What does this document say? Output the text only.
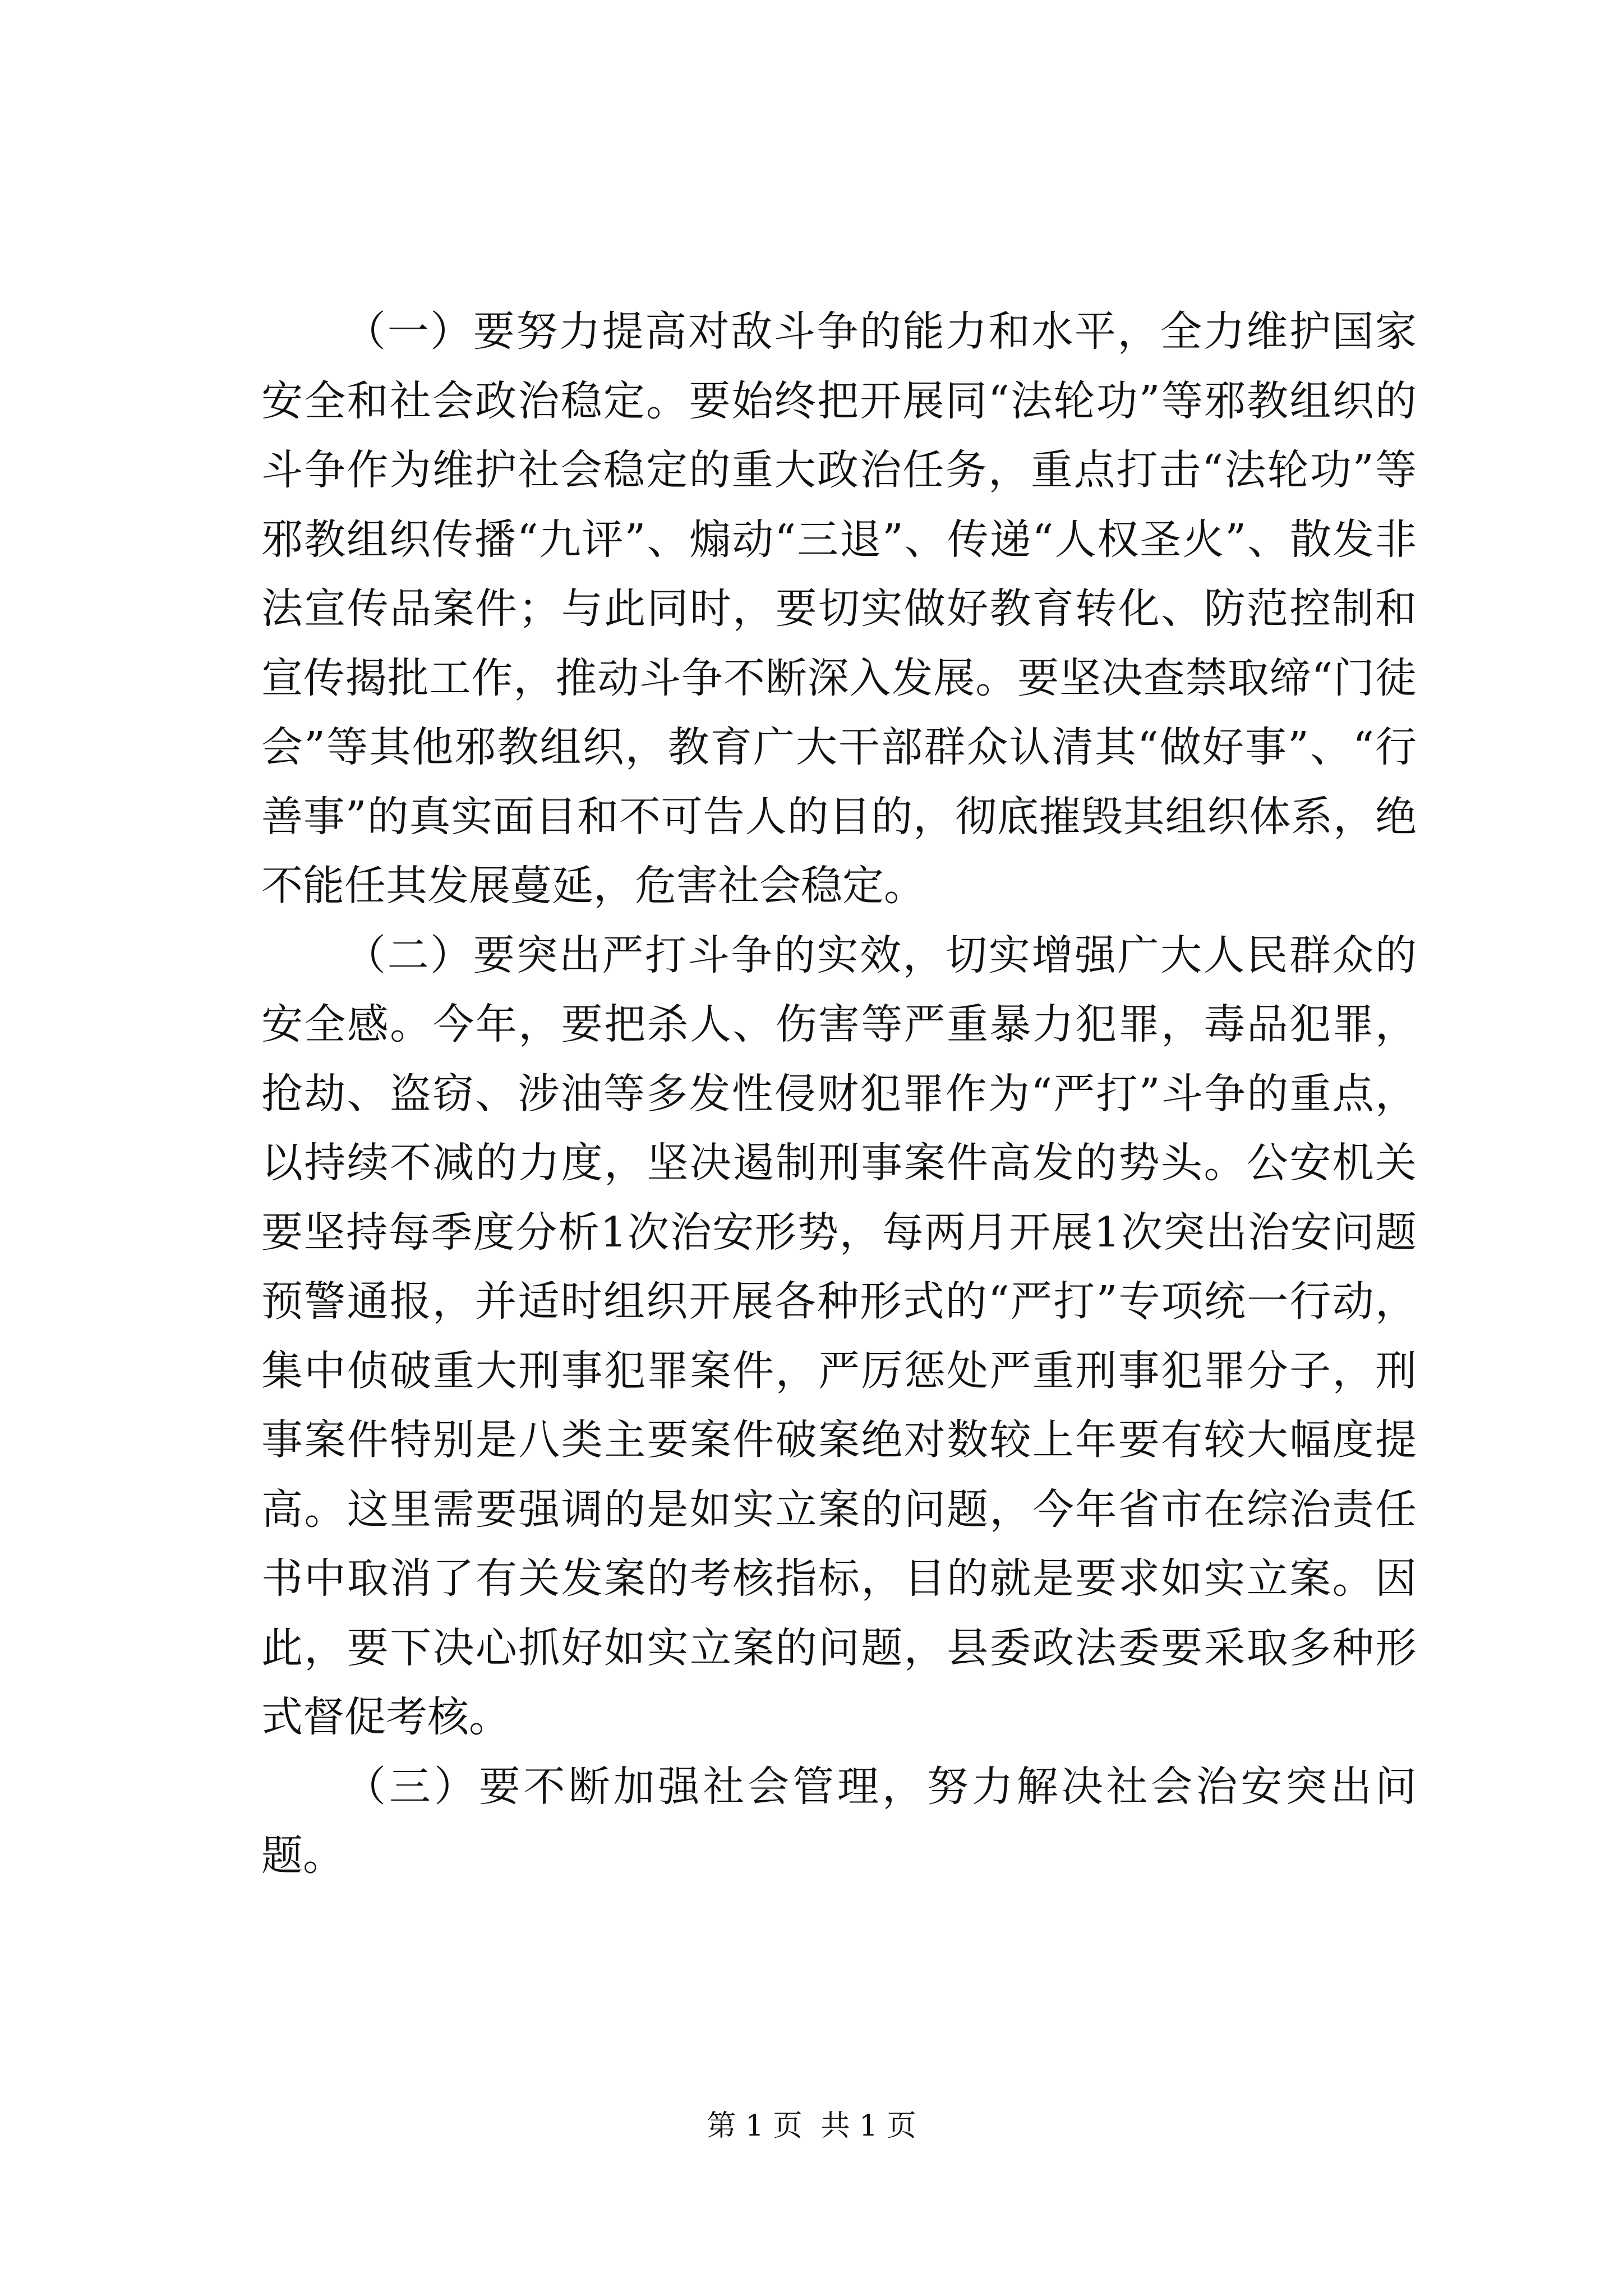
（一）要努力提高对敌斗争的能力和水平，全力维护国家安全和社会政治稳定。要始终把开展同“法轮功”等邪教组织的斗争作为维护社会稳定的重大政治任务，重点打击“法轮功”等邪教组织传播“九评”、煽动“三退”、传递“人权圣火”、散发非法宣传品案件；与此同时，要切实做好教育转化、防范控制和宣传揭批工作，推动斗争不断深入发展。要坚决查禁取缔“门徒会”等其他邪教组织，教育广大干部群众认清其“做好事”、“行善事”的真实面目和不可告人的目的，彻底摧毁其组织体系，绝不能任其发展蔓延，危害社会稳定。

（二）要突出严打斗争的实效，切实增强广大人民群众的安全感。今年，要把杀人、伤害等严重暴力犯罪，毒品犯罪，抢劫、盗窃、涉油等多发性侵财犯罪作为“严打”斗争的重点，以持续不减的力度，坚决遏制刑事案件高发的势头。公安机关要坚持每季度分析1次治安形势，每两月开展1次突出治安问题预警通报，并适时组织开展各种形式的“严打”专项统一行动，集中侦破重大刑事犯罪案件，严厉惩处严重刑事犯罪分子，刑事案件特别是八类主要案件破案绝对数较上年要有较大幅度提高。这里需要强调的是如实立案的问题，今年省市在综治责任书中取消了有关发案的考核指标，目的就是要求如实立案。因此，要下决心抓好如实立案的问题，县委政法委要采取多种形式督促考核。

（三）要不断加强社会管理，努力解决社会治安突出问题。

第 1 页  共 1 页
